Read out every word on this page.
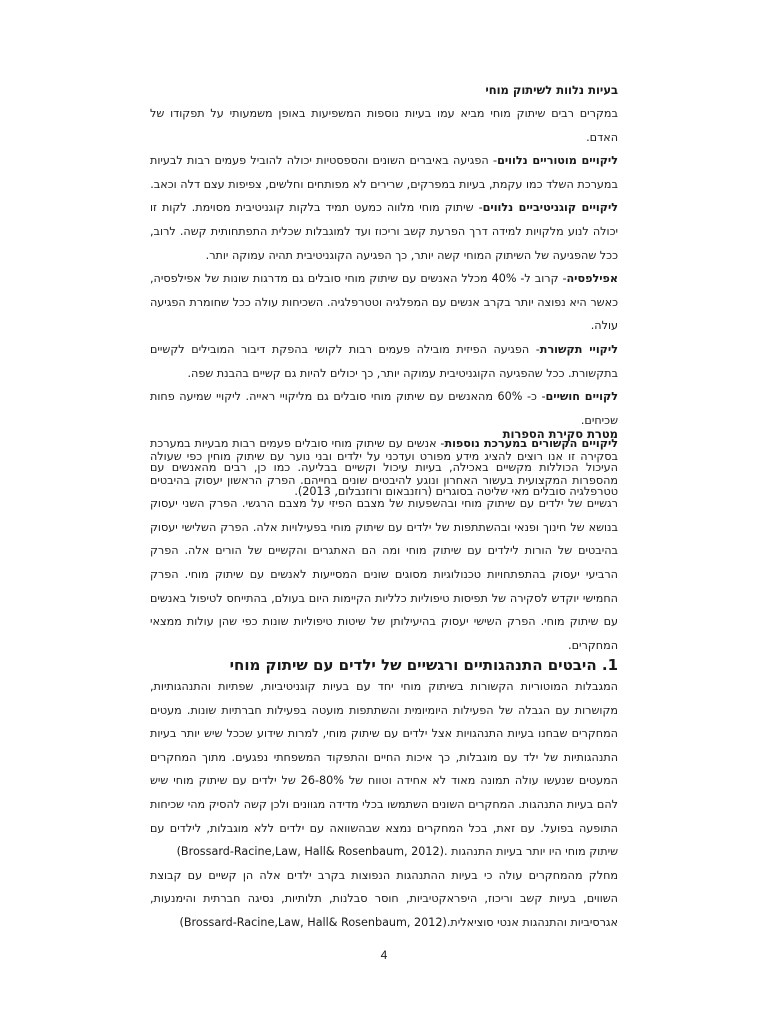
בעיות נלוות לשיתוק מוחי

במקרים רבים שיתוק מוחי מביא עמו בעיות נוספות המשפיעות באופן משמעותי על תפקודו של האדם.

ליקויים מוטוריים נלווים- הפגיעה באיברים השונים והספסטיות יכולה להוביל פעמים רבות לבעיות במערכת השלד כמו עקמת, בעיות במפרקים, שרירים לא מפותחים וחלשים, צפיפות עצם דלה וכאב.

ליקויים קוגניטיביים נלווים- שיתוק מוחי מלווה כמעט תמיד בלקות קוגניטיבית מסוימת. לקות זו יכולה לנוע מלקויות למידה דרך הפרעת קשב וריכוז ועד למוגבלות שכלית התפתחותית קשה. לרוב, ככל שהפגיעה של השיתוק המוחי קשה יותר, כך הפגיעה הקוגניטיבית תהיה עמוקה יותר.

אפילפסיה- קרוב ל- 40% מכלל האנשים עם שיתוק מוחי סובלים גם מדרגות שונות של אפילפסיה, כאשר היא נפוצה יותר בקרב אנשים עם המפלגיה וטטרפלגיה. השכיחות עולה ככל שחומרת הפגיעה עולה.

ליקויי תקשורת- הפגיעה הפיזית מובילה פעמים רבות לקושי בהפקת דיבור המובילים לקשיים בתקשורת. ככל שהפגיעה הקוגניטיבית עמוקה יותר, כך יכולים להיות גם קשיים בהבנת שפה.

לקויים חושיים- כ- 60% מהאנשים עם שיתוק מוחי סובלים גם מליקויי ראייה. ליקויי שמיעה פחות שכיחים.

ליקויים הקשורים במערכת נוספות- אנשים עם שיתוק מוחי סובלים פעמים רבות מבעיות במערכת העיכול הכוללות מקשיים באכילה, בעיות עיכול וקשיים בבליעה. כמו כן, רבים מהאנשים עם טטרפלגיה סובלים מאי שליטה בסוגרים (רוזנבאום ורוזנבלום, 2013).

מטרת סקירת הספרות

בסקירה זו אנו רוצים להציג מידע מפורט ועדכני על ילדים ובני נוער עם שיתוק מוחין כפי שעולה מהספרות המקצועית בעשור האחרון ונוגע להיבטים שונים בחייהם. הפרק הראשון יעסוק בהיבטים רגשיים של ילדים עם שיתוק מוחי ובהשפעות של מצבם הפיזי על מצבם הרגשי. הפרק השני יעסוק בנושא של חינוך ופנאי ובהשתתפות של ילדים עם שיתוק מוחי בפעילויות אלה. הפרק השלישי יעסוק בהיבטים של הורות לילדים עם שיתוק מוחי ומה הם האתגרים והקשיים של הורים אלה. הפרק הרביעי יעסוק בהתפתחויות טכנולוגיות מסוגים שונים המסייעות לאנשים עם שיתוק מוחי. הפרק החמישי יוקדש לסקירה של תפיסות טיפוליות כלליות הקיימות היום בעולם, בהתייחס לטיפול באנשים עם שיתוק מוחי. הפרק השישי יעסוק בהיעילותן של שיטות טיפוליות שונות כפי שהן עולות ממצאי המחקרים.

1. היבטים התנהגותיים ורגשיים של ילדים עם שיתוק מוחי

המגבלות המוטוריות הקשורות בשיתוק מוחי יחד עם בעיות קוגניטיביות, שפתיות והתנהגותיות, מקושרות עם הגבלה של הפעילות היומיומית והשתתפות מועטה בפעילות חברתיות שונות. מעטים המחקרים שבחנו בעיות התנהגויות אצל ילדים עם שיתוק מוחי, למרות שידוע שככל שיש יותר בעיות התנהגותיות של ילד עם מוגבלות, כך איכות החיים והתפקוד המשפחתי נפגעים. מתוך המחקרים המעטים שנעשו עולה תמונה מאוד לא אחידה וטווח של 26-80% של ילדים עם שיתוק מוחי שיש להם בעיות התנהגות. המחקרים השונים השתמשו בכלי מדידה מגוונים ולכן קשה להסיק מהי שכיחות התופעה בפועל. עם זאת, בכל המחקרים נמצא שבהשוואה עם ילדים ללא מוגבלות, לילדים עם שיתוק מוחי היו יותר בעיות התנהגות (Brossard-Racine,Law, Hall& Rosenbaum, 2012).

מחלק מהמחקרים עולה כי בעיות ההתנהגות הנפוצות בקרב ילדים אלה הן קשיים עם קבוצת השווים, בעיות קשב וריכוז, היפראקטיביות, חוסר סבלנות, תלותיות, נסיגה חברתית והימנעות, אגרסיביות והתנהגות אנטי סוציאלית(Brossard-Racine,Law, Hall& Rosenbaum, 2012).

4
